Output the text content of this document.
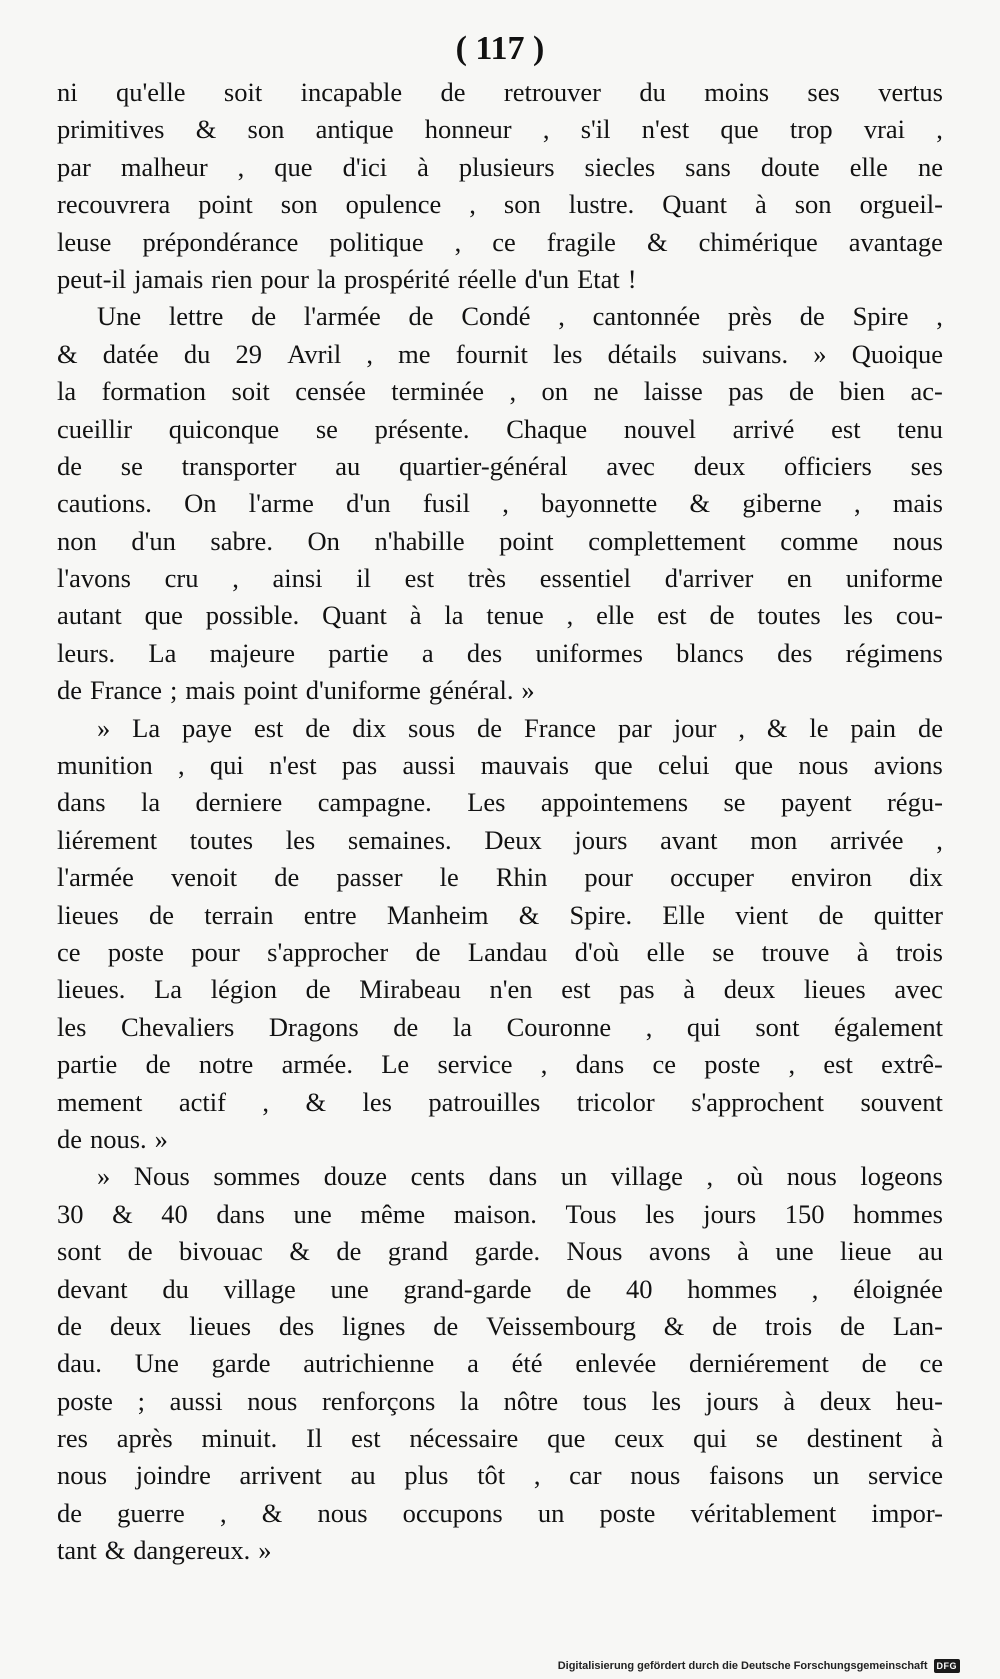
( 117 )
ni qu'elle soit incapable de retrouver du moins ses vertus
primitives & son antique honneur , s'il n'est que trop vrai ,
par malheur , que d'ici à plusieurs siecles sans doute elle ne
recouvrera point son opulence , son lustre. Quant à son orgueil-
leuse prépondérance politique , ce fragile & chimérique avantage
peut-il jamais rien pour la prospérité réelle d'un Etat !
Une lettre de l'armée de Condé , cantonnée près de Spire ,
& datée du 29 Avril , me fournit les détails suivans. » Quoique
la formation soit censée terminée , on ne laisse pas de bien ac-
cueillir quiconque se présente. Chaque nouvel arrivé est tenu
de se transporter au quartier-général avec deux officiers ses
cautions. On l'arme d'un fusil , bayonnette & giberne , mais
non d'un sabre. On n'habille point complettement comme nous
l'avons cru , ainsi il est très essentiel d'arriver en uniforme
autant que possible. Quant à la tenue , elle est de toutes les cou-
leurs. La majeure partie a des uniformes blancs des régimens
de France ; mais point d'uniforme général. »
» La paye est de dix sous de France par jour , & le pain de
munition , qui n'est pas aussi mauvais que celui que nous avions
dans la derniere campagne. Les appointemens se payent régu-
liérement toutes les semaines. Deux jours avant mon arrivée ,
l'armée venoit de passer le Rhin pour occuper environ dix
lieues de terrain entre Manheim & Spire. Elle vient de quitter
ce poste pour s'approcher de Landau d'où elle se trouve à trois
lieues. La légion de Mirabeau n'en est pas à deux lieues avec
les Chevaliers Dragons de la Couronne , qui sont également
partie de notre armée. Le service , dans ce poste , est extrê-
mement actif , & les patrouilles tricolor s'approchent souvent
de nous. »
» Nous sommes douze cents dans un village , où nous logeons
30 & 40 dans une même maison. Tous les jours 150 hommes
sont de bivouac & de grand garde. Nous avons à une lieue au
devant du village une grand-garde de 40 hommes , éloignée
de deux lieues des lignes de Veissembourg & de trois de Lan-
dau. Une garde autrichienne a été enlevée derniérement de ce
poste ; aussi nous renforçons la nôtre tous les jours à deux heu-
res après minuit. Il est nécessaire que ceux qui se destinent à
nous joindre arrivent au plus tôt , car nous faisons un service
de guerre , & nous occupons un poste véritablement impor-
tant & dangereux. »
Digitalisierung gefördert durch die Deutsche Forschungsgemeinschaft	DFG
